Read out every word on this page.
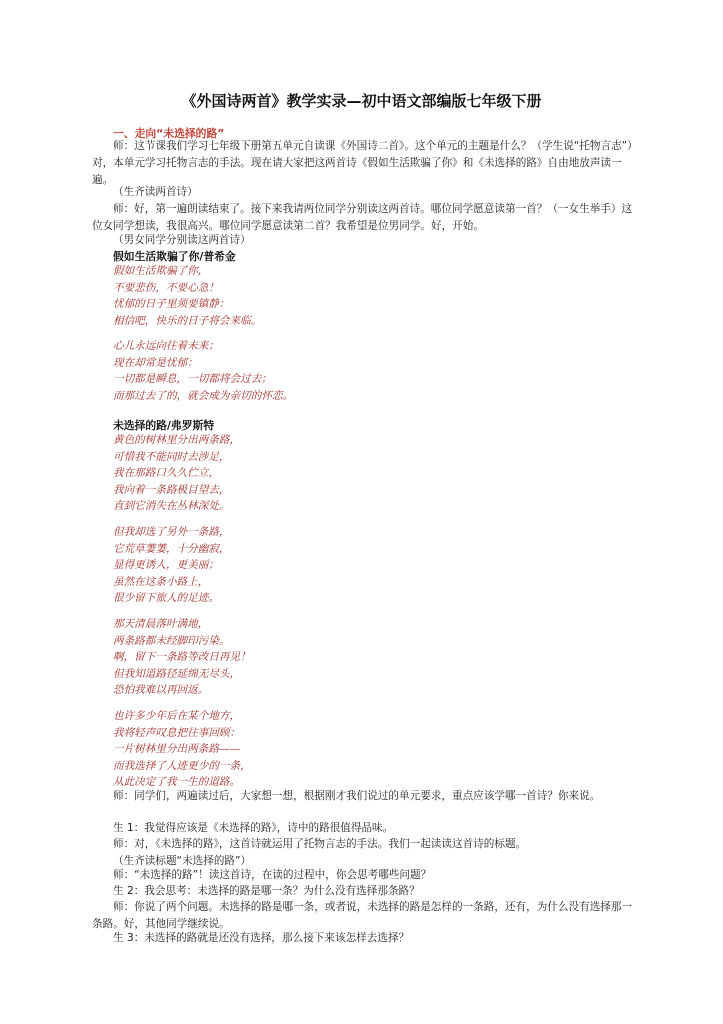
《外国诗两首》教学实录—初中语文部编版七年级下册
一、走向“未选择的路”

师：这节课我们学习七年级下册第五单元自读课《外国诗二首》。这个单元的主题是什么？（学生说“托物言志”）对，本单元学习托物言志的手法。现在请大家把这两首诗《假如生活欺骗了你》和《未选择的路》自由地放声读一遍。

（生齐读两首诗）

师：好，第一遍朗读结束了。接下来我请两位同学分别读这两首诗。哪位同学愿意读第一首？（一女生举手）这位女同学想读，我很高兴。哪位同学愿意读第二首？我希望是位男同学。好，开始。

（男女同学分别读这两首诗）
假如生活欺骗了你/普希金
假如生活欺骗了你，
不要悲伤，不要心急！
忧郁的日子里须要镇静：
相信吧，快乐的日子将会来临。
心儿永远向往着未来；
现在却常是忧郁：
一切都是瞬息，一切都将会过去；
而那过去了的，就会成为亲切的怀恋。
未选择的路/弗罗斯特
黄色的树林里分出两条路，
可惜我不能同时去涉足，
我在那路口久久伫立，
我向着一条路极目望去，
直到它消失在丛林深处。
但我却选了另外一条路，
它荒草萋萋，十分幽寂，
显得更诱人，更美丽；
虽然在这条小路上，
很少留下旅人的足迹。
那天清晨落叶满地，
两条路都未经脚印污染。
啊，留下一条路等改日再见！
但我知道路径延绵无尽头，
恐怕我难以再回返。
也许多少年后在某个地方，
我将轻声叹息把往事回顾：
一片树林里分出两条路——
而我选择了人迹更少的一条，
从此决定了我一生的道路。

师：同学们，两遍读过后，大家想一想，根据刚才我们说过的单元要求，重点应该学哪一首诗？你来说。

生 1：我觉得应该是《未选择的路》，诗中的路很值得品味。

师：对，《未选择的路》，这首诗就运用了托物言志的手法。我们一起读读这首诗的标题。

（生齐读标题“未选择的路”）

师：“未选择的路”！读这首诗，在读的过程中，你会思考哪些问题？

生 2：我会思考：未选择的路是哪一条？为什么没有选择那条路？

师：你说了两个问题。未选择的路是哪一条，或者说，未选择的路是怎样的一条路，还有，为什么没有选择那一条路。好，其他同学继续说。

生 3：未选择的路就是还没有选择，那么接下来该怎样去选择？
